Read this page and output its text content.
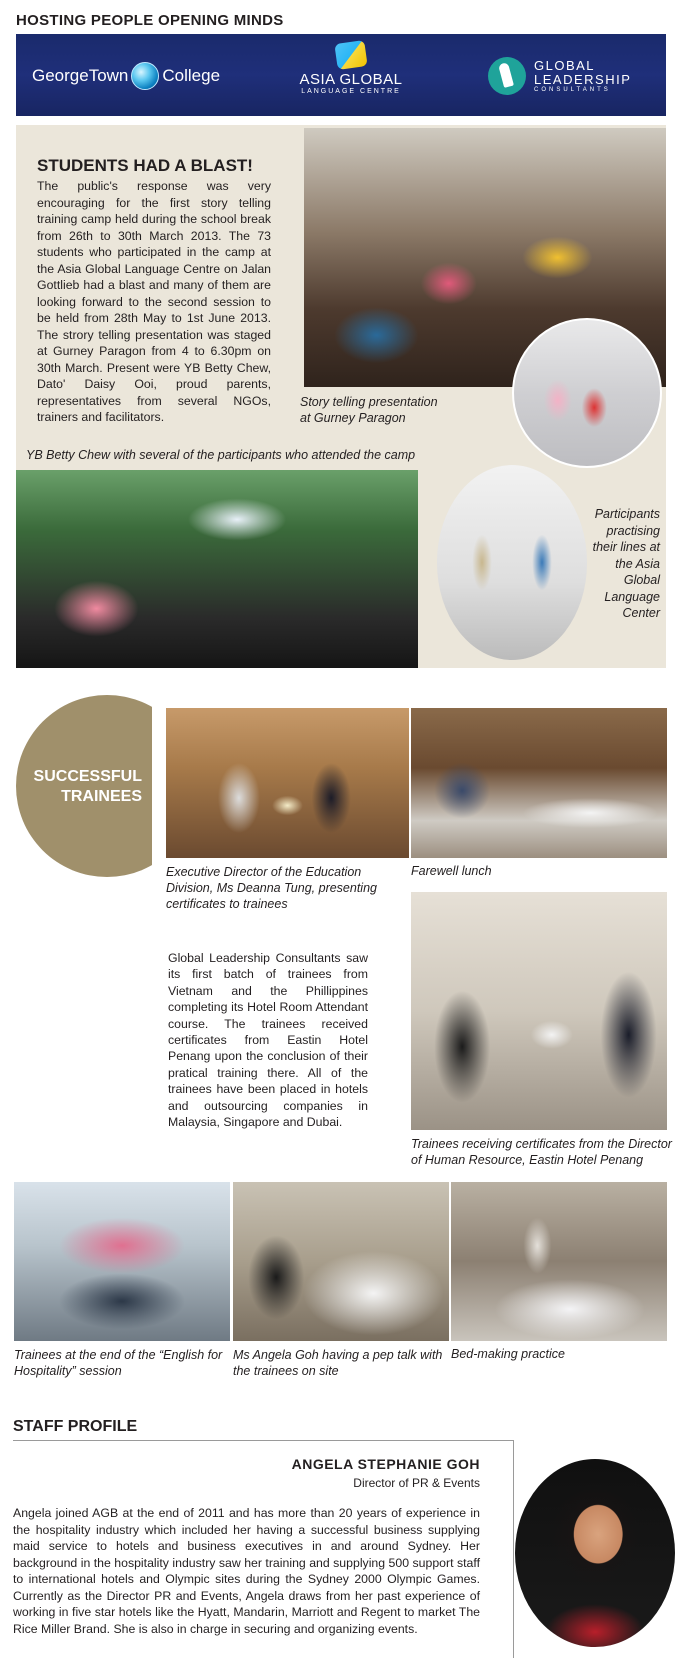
HOSTING PEOPLE OPENING MINDS
GeorgeTown College	ASIA GLOBAL
LANGUAGE CENTRE
GLOBAL
LEADERSHIP
CONSULTANTS
STUDENTS HAD A BLAST!
The public's response was very encouraging for the first story telling training camp held during the school break from 26th to 30th March 2013. The 73 students who participated in the camp at the Asia Global Language Centre on Jalan Gottlieb had a blast and many of them are looking forward to the second session to be held from 28th May to 1st June 2013. The strory telling presentation was staged at Gurney Paragon from 4 to 6.30pm on 30th March. Present were YB Betty Chew, Dato' Daisy Ooi, proud parents, representatives from several NGOs, trainers and facilitators.
Story telling presentation
at Gurney Paragon
YB Betty Chew with several of the participants who attended the camp
Participants practising their lines at the Asia Global Language Center
SUCCESSFUL
TRAINEES
Executive Director of the Education Division, Ms Deanna Tung, presenting certificates to trainees
Farewell lunch
Global Leadership Consultants saw its first batch of trainees from Vietnam and the Phillippines completing its Hotel Room Attendant course. The trainees received certificates from Eastin Hotel Penang upon the conclusion of their pratical training there. All of the trainees have been placed in hotels and outsourcing companies in Malaysia, Singapore and Dubai.
Trainees receiving certificates from the Director of Human Resource, Eastin Hotel Penang
Trainees at the end of the “English for Hospitality” session
Ms Angela Goh having a pep talk with the trainees on site
Bed-making practice
STAFF PROFILE
ANGELA STEPHANIE GOH
Director of PR & Events
Angela joined AGB at the end of 2011 and has more than 20 years of experience in the hospitality industry which included her having a successful business supplying maid service to hotels and business executives in and around Sydney. Her background in the hospitality industry saw her training and supplying 500 support staff to international hotels and Olympic sites during the Sydney 2000 Olympic Games. Currently as the Director PR and Events, Angela draws from her past experience of working in five star hotels like the Hyatt, Mandarin, Marriott and Regent to market The Rice Miller Brand. She is also in charge in securing and organizing events.
